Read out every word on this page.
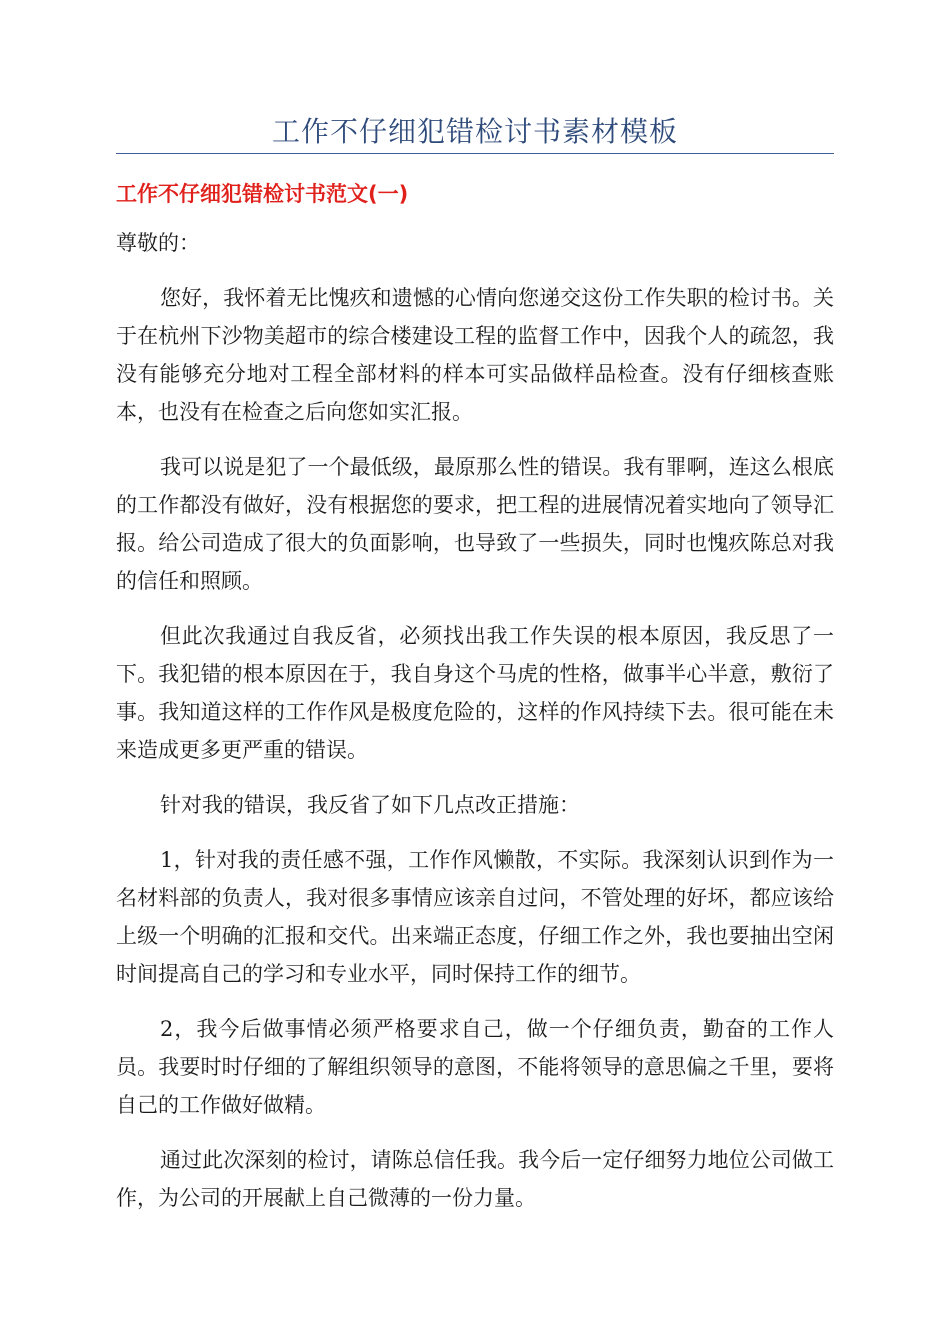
工作不仔细犯错检讨书素材模板
工作不仔细犯错检讨书范文(一)

尊敬的：

您好，我怀着无比愧疚和遗憾的心情向您递交这份工作失职的检讨书。关于在杭州下沙物美超市的综合楼建设工程的监督工作中，因我个人的疏忽，我没有能够充分地对工程全部材料的样本可实品做样品检查。没有仔细核查账本，也没有在检查之后向您如实汇报。

我可以说是犯了一个最低级，最原那么性的错误。我有罪啊，连这么根底的工作都没有做好，没有根据您的要求，把工程的进展情况着实地向了领导汇报。给公司造成了很大的负面影响，也导致了一些损失，同时也愧疚陈总对我的信任和照顾。

但此次我通过自我反省，必须找出我工作失误的根本原因，我反思了一下。我犯错的根本原因在于，我自身这个马虎的性格，做事半心半意，敷衍了事。我知道这样的工作作风是极度危险的，这样的作风持续下去。很可能在未来造成更多更严重的错误。

针对我的错误，我反省了如下几点改正措施：

1，针对我的责任感不强，工作作风懒散，不实际。我深刻认识到作为一名材料部的负责人，我对很多事情应该亲自过问，不管处理的好坏，都应该给上级一个明确的汇报和交代。出来端正态度，仔细工作之外，我也要抽出空闲时间提高自己的学习和专业水平，同时保持工作的细节。

2，我今后做事情必须严格要求自己，做一个仔细负责，勤奋的工作人员。我要时时仔细的了解组织领导的意图，不能将领导的意思偏之千里，要将自己的工作做好做精。

通过此次深刻的检讨，请陈总信任我。我今后一定仔细努力地位公司做工作，为公司的开展献上自己微薄的一份力量。
